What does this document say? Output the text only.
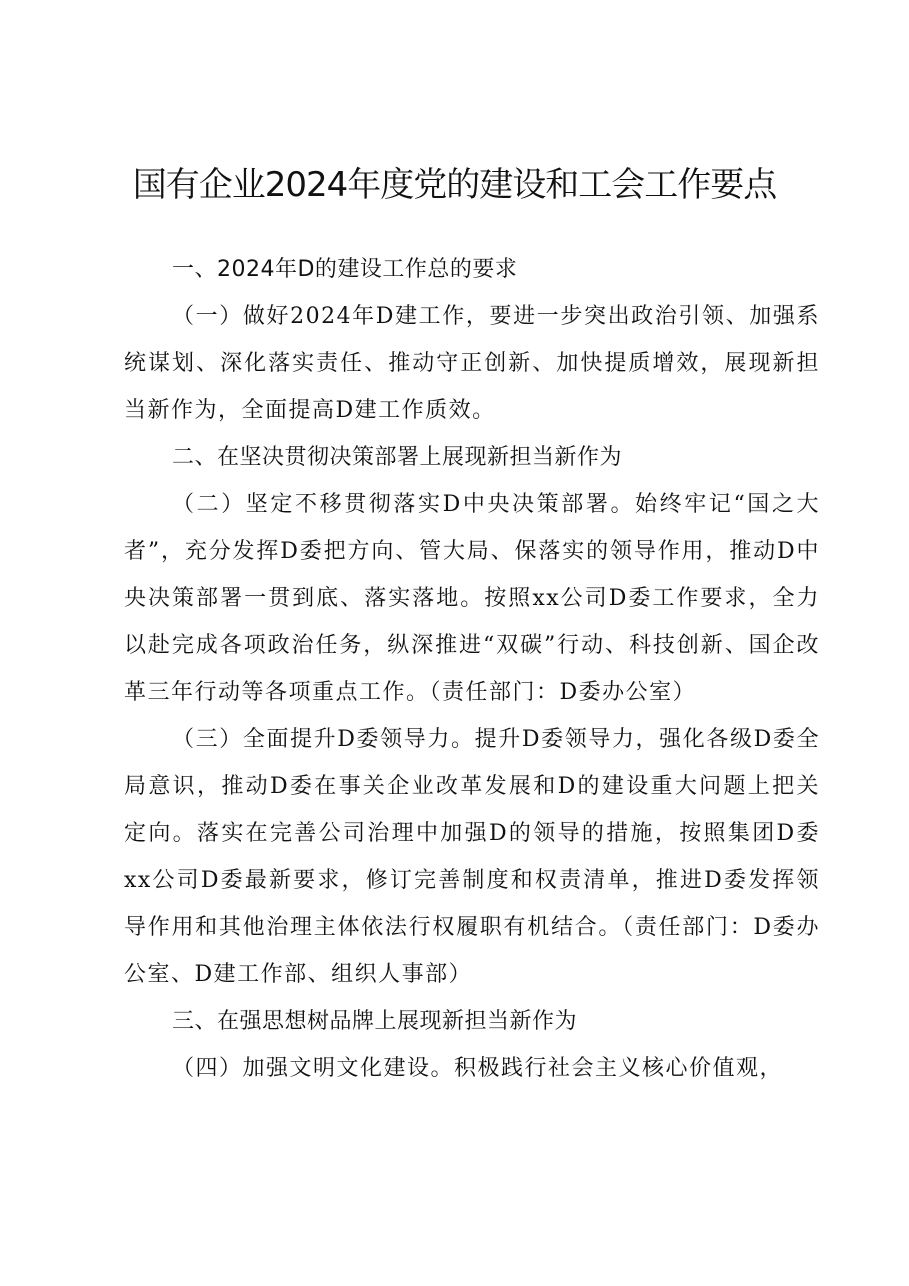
国有企业2024年度党的建设和工会工作要点
一、2024年D的建设工作总的要求

（一）做好2024年D建工作，要进一步突出政治引领、加强系统谋划、深化落实责任、推动守正创新、加快提质增效，展现新担当新作为，全面提高D建工作质效。

二、在坚决贯彻决策部署上展现新担当新作为

（二）坚定不移贯彻落实D中央决策部署。始终牢记“国之大者”，充分发挥D委把方向、管大局、保落实的领导作用，推动D中央决策部署一贯到底、落实落地。按照xx公司D委工作要求，全力以赴完成各项政治任务，纵深推进“双碳”行动、科技创新、国企改革三年行动等各项重点工作。（责任部门：D委办公室）

（三）全面提升D委领导力。提升D委领导力，强化各级D委全局意识，推动D委在事关企业改革发展和D的建设重大问题上把关定向。落实在完善公司治理中加强D的领导的措施，按照集团D委xx公司D委最新要求，修订完善制度和权责清单，推进D委发挥领导作用和其他治理主体依法行权履职有机结合。（责任部门：D委办公室、D建工作部、组织人事部）

三、在强思想树品牌上展现新担当新作为

（四）加强文明文化建设。积极践行社会主义核心价值观，
